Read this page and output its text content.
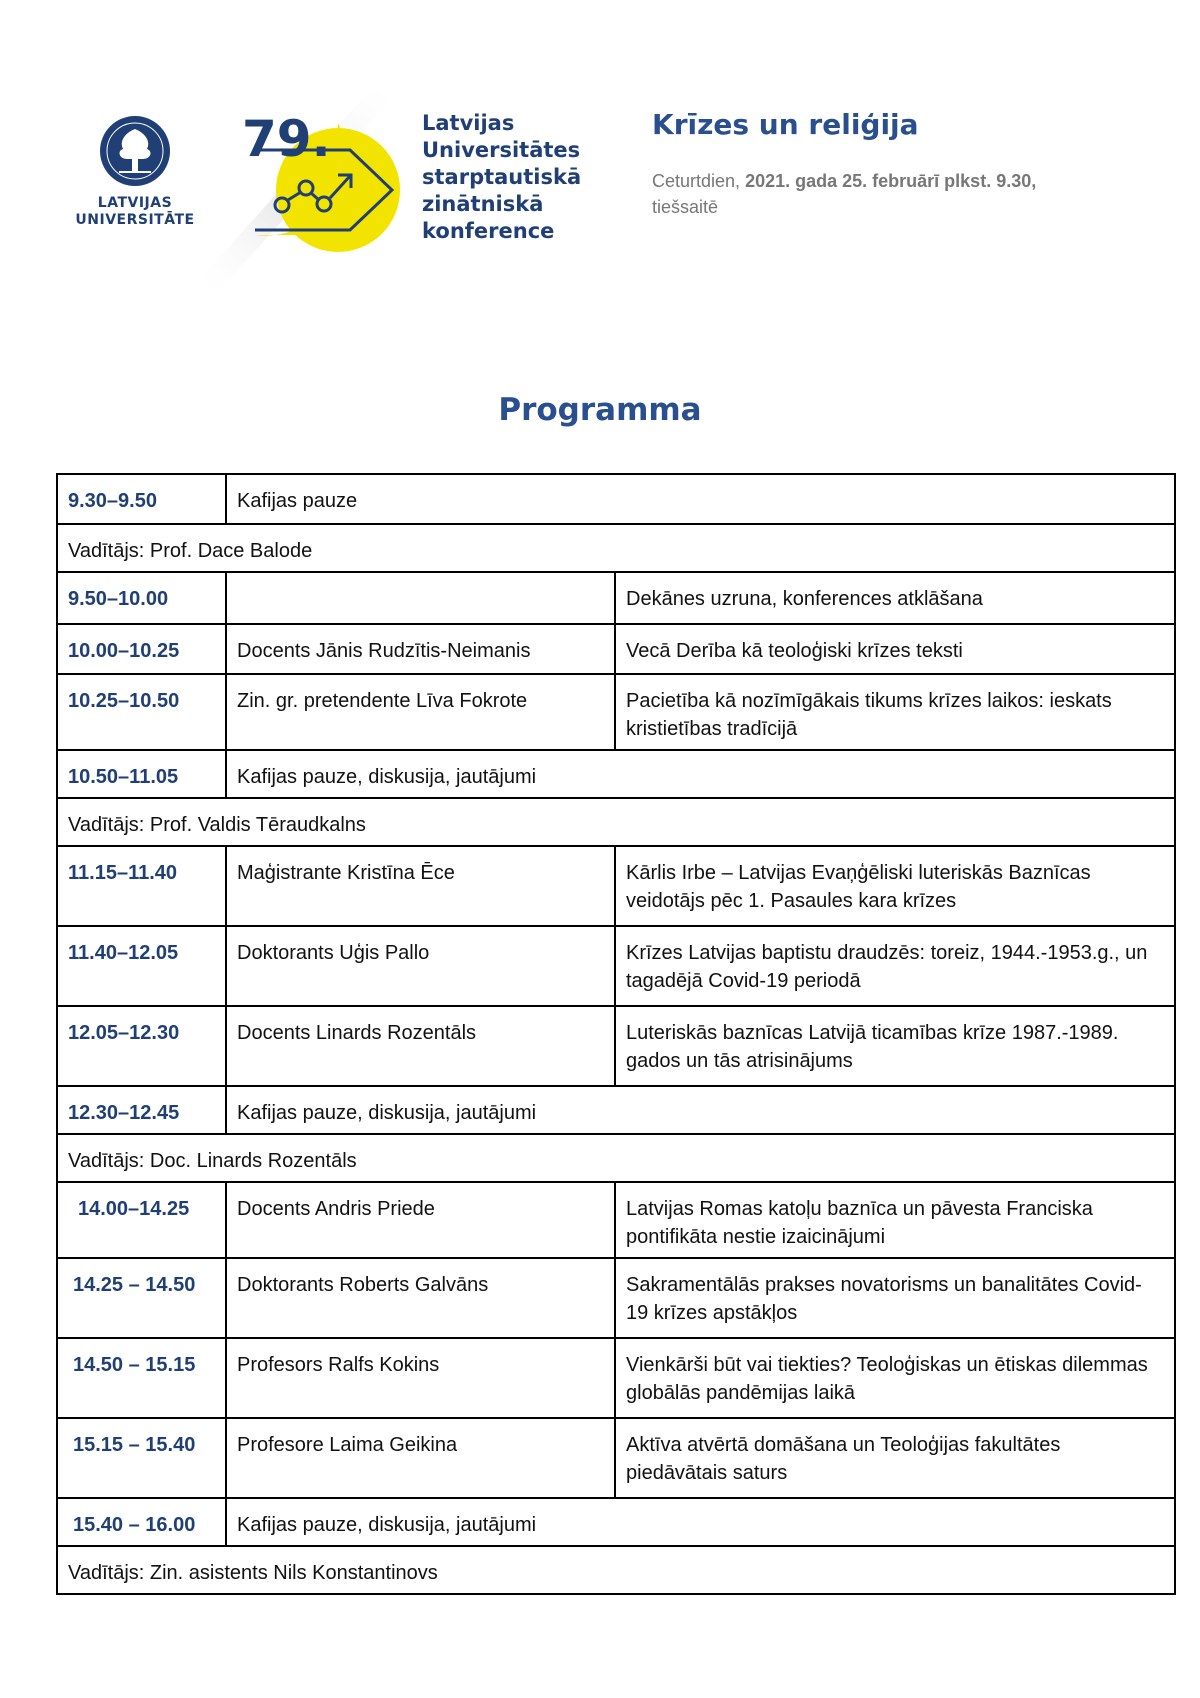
LATVIJAS
UNIVERSITĀTE
79.	Latvijas
Universitātes
starptautiskā
zinātniskā
konference
Krīzes un reliģija
Ceturtdien, 2021. gada 25. februārī plkst. 9.30,
tiešsaitē
Programma
9.30–9.50	Kafijas pauze	
Vadītājs: Prof. Dace Balode		
9.50–10.00		Dekānes uzruna, konferences atklāšana
10.00–10.25	Docents Jānis Rudzītis-Neimanis	Vecā Derība kā teoloģiski krīzes teksti
10.25–10.50	Zin. gr. pretendente Līva Fokrote	Pacietība kā nozīmīgākais tikums krīzes laikos: ieskats kristietības tradīcijā
10.50–11.05	Kafijas pauze, diskusija, jautājumi	
Vadītājs: Prof. Valdis Tēraudkalns		
11.15–11.40	Maģistrante Kristīna Ēce	Kārlis Irbe – Latvijas Evaņģēliski luteriskās Baznīcas veidotājs pēc 1. Pasaules kara krīzes
11.40–12.05	Doktorants Uģis Pallo	Krīzes Latvijas baptistu draudzēs: toreiz, 1944.-1953.g., un tagadējā Covid-19 periodā
12.05–12.30	Docents Linards Rozentāls	Luteriskās baznīcas Latvijā ticamības krīze 1987.-1989. gados un tās atrisinājums
12.30–12.45	Kafijas pauze, diskusija, jautājumi	
Vadītājs: Doc. Linards Rozentāls		
14.00–14.25	Docents Andris Priede	Latvijas Romas katoļu baznīca un pāvesta Franciska pontifikāta nestie izaicinājumi
14.25 – 14.50	Doktorants Roberts Galvāns	Sakramentālās prakses novatorisms un banalitātes Covid-19 krīzes apstākļos
14.50 – 15.15	Profesors Ralfs Kokins	Vienkārši būt vai tiekties? Teoloģiskas un ētiskas dilemmas globālās pandēmijas laikā
15.15 – 15.40	Profesore Laima Geikina	Aktīva atvērtā domāšana un Teoloģijas fakultātes piedāvātais saturs
15.40 – 16.00	Kafijas pauze, diskusija, jautājumi	
Vadītājs: Zin. asistents Nils Konstantinovs		
